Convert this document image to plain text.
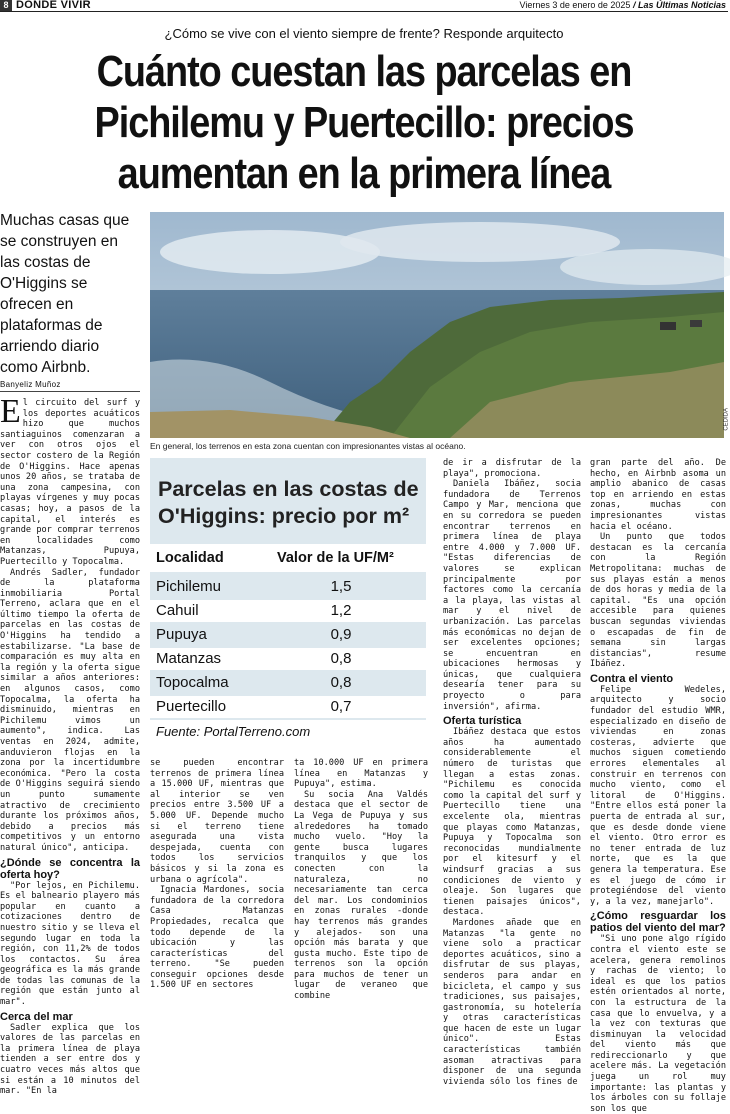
8 DONDE VIVIR	Viernes 3 de enero de 2025 / Las Últimas Noticias
¿Cómo se vive con el viento siempre de frente? Responde arquitecto
Cuánto cuestan las parcelas en
Pichilemu y Puertecillo: precios
aumentan en la primera línea
Muchas casas que se construyen en las costas de O'Higgins se ofrecen en plataformas de arriendo diario como Airbnb.
Banyeliz Muñoz
CEDIDA
En general, los terrenos en esta zona cuentan con impresionantes vistas al océano.

El circuito del surf y los deportes acuáticos hizo que muchos santiaguinos comenzaran a ver con otros ojos el sector costero de la Región de O'Higgins. Hace apenas unos 20 años, se trataba de una zona campesina, con playas vírgenes y muy pocas casas; hoy, a pasos de la capital, el interés es grande por comprar terrenos en localidades como Matanzas, Pupuya, Puertecillo y Topocalma.

Andrés Sadler, fundador de la plataforma inmobiliaria Portal Terreno, aclara que en el último tiempo la oferta de parcelas en las costas de O'Higgins ha tendido a estabilizarse. "La base de comparación es muy alta en la región y la oferta sigue similar a años anteriores: en algunos casos, como Topocalma, la oferta ha disminuido, mientras en Pichilemu vimos un aumento", indica. Las ventas en 2024, admite, anduvieron flojas en la zona por la incertidumbre económica. "Pero la costa de O'Higgins seguirá siendo un punto sumamente atractivo de crecimiento durante los próximos años, debido a precios más competitivos y un entorno natural único", anticipa.

¿Dónde se concentra la oferta hoy?

"Por lejos, en Pichilemu. Es el balneario playero más popular en cuanto a cotizaciones dentro de nuestro sitio y se lleva el segundo lugar en toda la región, con 11,2% de todos los contactos. Su área geográfica es la más grande de todas las comunas de la región que están junto al mar".

Cerca del mar

Sadler explica que los valores de las parcelas en la primera línea de playa tienden a ser entre dos y cuatro veces más altos que si están a 10 minutos del mar. "En la

Parcelas en las costas de O'Higgins: precio por m²
Localidad	Valor de la UF/M²
Pichilemu	1,5
Cahuil	1,2
Pupuya	0,9
Matanzas	0,8
Topocalma	0,8
Puertecillo	0,7
Fuente: PortalTerreno.com

se pueden encontrar terrenos de primera línea a 15.000 UF, mientras que al interior se ven precios entre 3.500 UF a 5.000 UF. Depende mucho si el terreno tiene asegurada una vista despejada, cuenta con todos los servicios básicos y si la zona es urbana o agrícola".

Ignacia Mardones, socia fundadora de la corredora Casa Matanzas Propiedades, recalca que todo depende de la ubicación y las características del terreno. "Se pueden conseguir opciones desde 1.500 UF en sectores

ta 10.000 UF en primera línea en Matanzas y Pupuya", estima.

Su socia Ana Valdés destaca que el sector de La Vega de Pupuya y sus alrededores ha tomado mucho vuelo. "Hoy la gente busca lugares tranquilos y que los conecten con la naturaleza, no necesariamente tan cerca del mar. Los condominios en zonas rurales -donde hay terrenos más grandes y alejados- son una opción más barata y que gusta mucho. Este tipo de terrenos son la opción para muchos de tener un lugar de veraneo que combine

de ir a disfrutar de la playa", promociona.

Daniela Ibáñez, socia fundadora de Terrenos Campo y Mar, menciona que en su corredora se pueden encontrar terrenos en primera línea de playa entre 4.000 y 7.000 UF. "Estas diferencias de valores se explican principalmente por factores como la cercanía a la playa, las vistas al mar y el nivel de urbanización. Las parcelas más económicas no dejan de ser excelentes opciones; se encuentran en ubicaciones hermosas y únicas, que cualquiera desearía tener para su proyecto o para inversión", afirma.

Oferta turística

Ibáñez destaca que estos años ha aumentado considerablemente el número de turistas que llegan a estas zonas. "Pichilemu es conocida como la capital del surf y Puertecillo tiene una excelente ola, mientras que playas como Matanzas, Pupuya y Topocalma son reconocidas mundialmente por el kitesurf y el windsurf gracias a sus condiciones de viento y oleaje. Son lugares que tienen paisajes únicos", destaca.

Mardones añade que en Matanzas "la gente no viene solo a practicar deportes acuáticos, sino a disfrutar de sus playas, senderos para andar en bicicleta, el campo y sus tradiciones, sus paisajes, gastronomía, su hotelería y otras características que hacen de este un lugar único". Estas características también asoman atractivas para disponer de una segunda vivienda sólo los fines de

gran parte del año. De hecho, en Airbnb asoma un amplio abanico de casas top en arriendo en estas zonas, muchas con impresionantes vistas hacia el océano.

Un punto que todos destacan es la cercanía con la Región Metropolitana: muchas de sus playas están a menos de dos horas y media de la capital. "Es una opción accesible para quienes buscan segundas viviendas o escapadas de fin de semana sin largas distancias", resume Ibáñez.

Contra el viento

Felipe Wedeles, arquitecto y socio fundador del estudio WMR, especializado en diseño de viviendas en zonas costeras, advierte que muchos siguen cometiendo errores elementales al construir en terrenos con mucho viento, como el litoral de O'Higgins. "Entre ellos está poner la puerta de entrada al sur, que es desde donde viene el viento. Otro error es no tener entrada de luz norte, que es la que genera la temperatura. Ese es el juego de cómo ir protegiéndose del viento y, a la vez, manejarlo".

¿Cómo resguardar los patios del viento del mar?

"Si uno pone algo rígido contra el viento este se acelera, genera remolinos y rachas de viento; lo ideal es que los patios estén orientados al norte, con la estructura de la casa que lo envuelva, y a la vez con texturas que disminuyan la velocidad del viento más que redireccionarlo y que acelere más. La vegetación juega un rol muy importante: las plantas y los árboles con su follaje son los que
